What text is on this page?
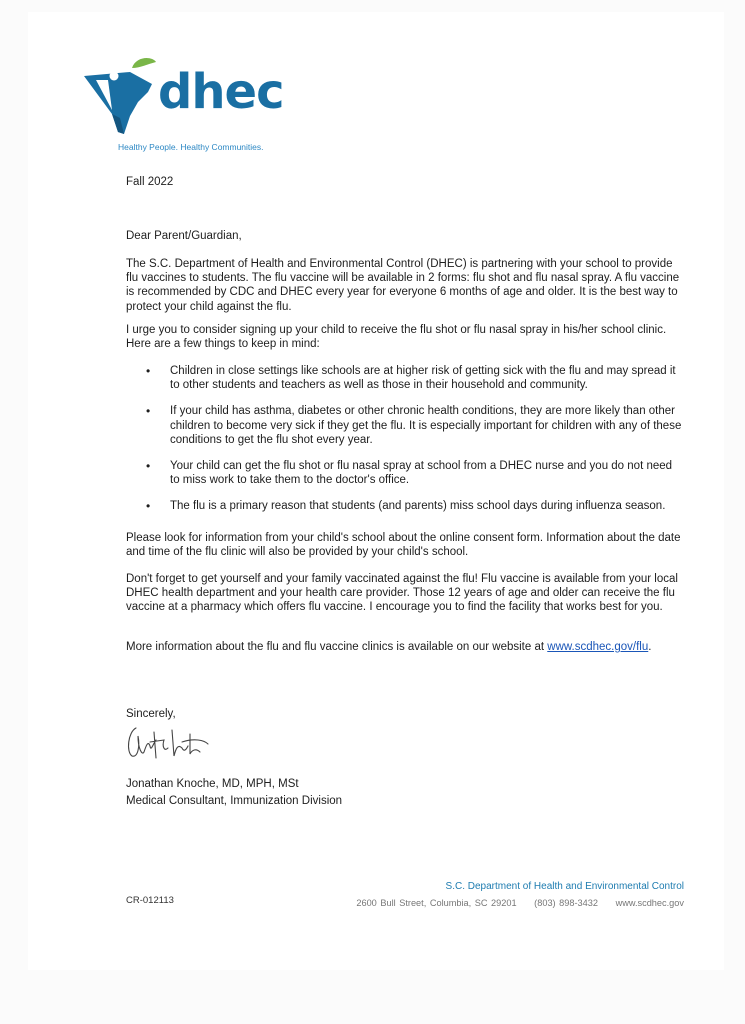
dhec
Healthy People. Healthy Communities.
Fall 2022
Dear Parent/Guardian,

The S.C. Department of Health and Environmental Control (DHEC) is partnering with your school to provide flu vaccines to students. The flu vaccine will be available in 2 forms: flu shot and flu nasal spray. A flu vaccine is recommended by CDC and DHEC every year for everyone 6 months of age and older. It is the best way to protect your child against the flu.

I urge you to consider signing up your child to receive the flu shot or flu nasal spray in his/her school clinic. Here are a few things to keep in mind:

• Children in close settings like schools are at higher risk of getting sick with the flu and may spread it to other students and teachers as well as those in their household and community.
• If your child has asthma, diabetes or other chronic health conditions, they are more likely than other children to become very sick if they get the flu. It is especially important for children with any of these conditions to get the flu shot every year.
• Your child can get the flu shot or flu nasal spray at school from a DHEC nurse and you do not need to miss work to take them to the doctor's office.
• The flu is a primary reason that students (and parents) miss school days during influenza season.

Please look for information from your child's school about the online consent form. Information about the date and time of the flu clinic will also be provided by your child's school.

Don't forget to get yourself and your family vaccinated against the flu! Flu vaccine is available from your local DHEC health department and your health care provider. Those 12 years of age and older can receive the flu vaccine at a pharmacy which offers flu vaccine. I encourage you to find the facility that works best for you.

More information about the flu and flu vaccine clinics is available on our website at www.scdhec.gov/flu.

Sincerely,
Jonathan Knoche, MD, MPH, MSt
Medical Consultant, Immunization Division
S.C. Department of Health and Environmental Control
2600 Bull Street, Columbia, SC 29201 (803) 898-3432 www.scdhec.gov
CR-012113
